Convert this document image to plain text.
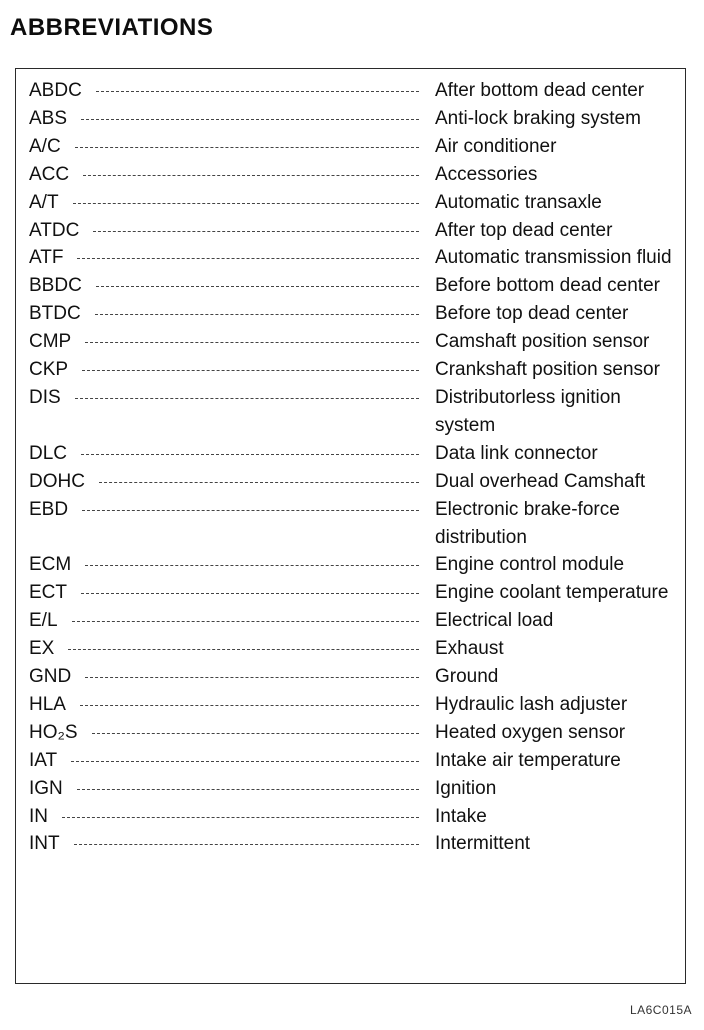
ABBREVIATIONS
ABDC	After bottom dead center
ABS	Anti-lock braking system
A/C	Air conditioner
ACC	Accessories
A/T	Automatic transaxle
ATDC	After top dead center
ATF	Automatic transmission fluid
BBDC	Before bottom dead center
BTDC	Before top dead center
CMP	Camshaft position sensor
CKP	Crankshaft position sensor
DIS	Distributorless ignition system
DLC	Data link connector
DOHC	Dual overhead Camshaft
EBD	Electronic brake-force distribution
ECM	Engine control module
ECT	Engine coolant temperature
E/L	Electrical load
EX	Exhaust
GND	Ground
HLA	Hydraulic lash adjuster
HO₂S	Heated oxygen sensor
IAT	Intake air temperature
IGN	Ignition
IN	Intake
INT	Intermittent
LA6C015A
